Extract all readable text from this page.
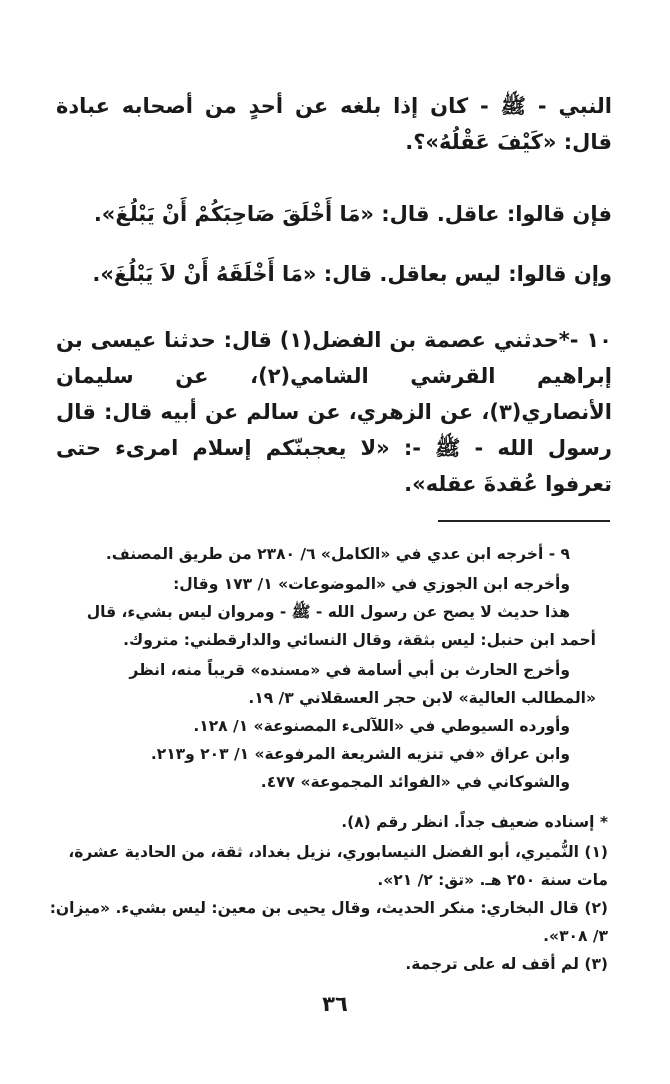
النبي - ﷺ - كان إذا بلغه عن أحدٍ من أصحابه عبادة قال: «كَيْفَ عَقْلُهُ»؟.

فإن قالوا: عاقل. قال: «مَا أَخْلَقَ صَاحِبَكُمْ أَنْ يَبْلُغَ».

وإن قالوا: ليس بعاقل. قال: «مَا أَخْلَقَهُ أَنْ لاَ يَبْلُغَ».

١٠ -*حدثني عصمة بن الفضل(١) قال: حدثنا عيسى بن إبراهيم القرشي الشامي(٢)، عن سليمان الأنصاري(٣)، عن الزهري، عن سالم عن أبيه قال: قال رسول الله - ﷺ -: «لا يعجبنّكم إسلام امرىء حتى تعرفوا عُقدةَ عقله».

٩ - أخرجه ابن عدي في «الكامل» ٦/ ٢٣٨٠ من طريق المصنف.

وأخرجه ابن الجوزي في «الموضوعات» ١/ ١٧٣ وقال:

هذا حديث لا يصح عن رسول الله - ﷺ - ومروان ليس بشيء، قال أحمد ابن حنبل: ليس بثقة، وقال النسائي والدارقطني: متروك.

وأخرج الحارث بن أبي أسامة في «مسنده» قريباً منه، انظر «المطالب العالية» لابن حجر العسقلاني ٣/ ١٩.

وأورده السيوطي في «اللآلىء المصنوعة» ١/ ١٢٨.

وابن عراق «في تنزيه الشريعة المرفوعة» ١/ ٢٠٣ و٢١٣.

والشوكاني في «الفوائد المجموعة» ٤٧٧.

* إسناده ضعيف جداً. انظر رقم (٨).

(١) النُّميري، أبو الفضل النيسابوري، نزيل بغداد، ثقة، من الحادية عشرة، مات سنة ٢٥٠ هـ. «تق: ٢/ ٢١».

(٢) قال البخاري: منكر الحديث، وقال يحيى بن معين: ليس بشيء. «ميزان: ٣/ ٣٠٨».

(٣) لم أقف له على ترجمة.

٣٦
